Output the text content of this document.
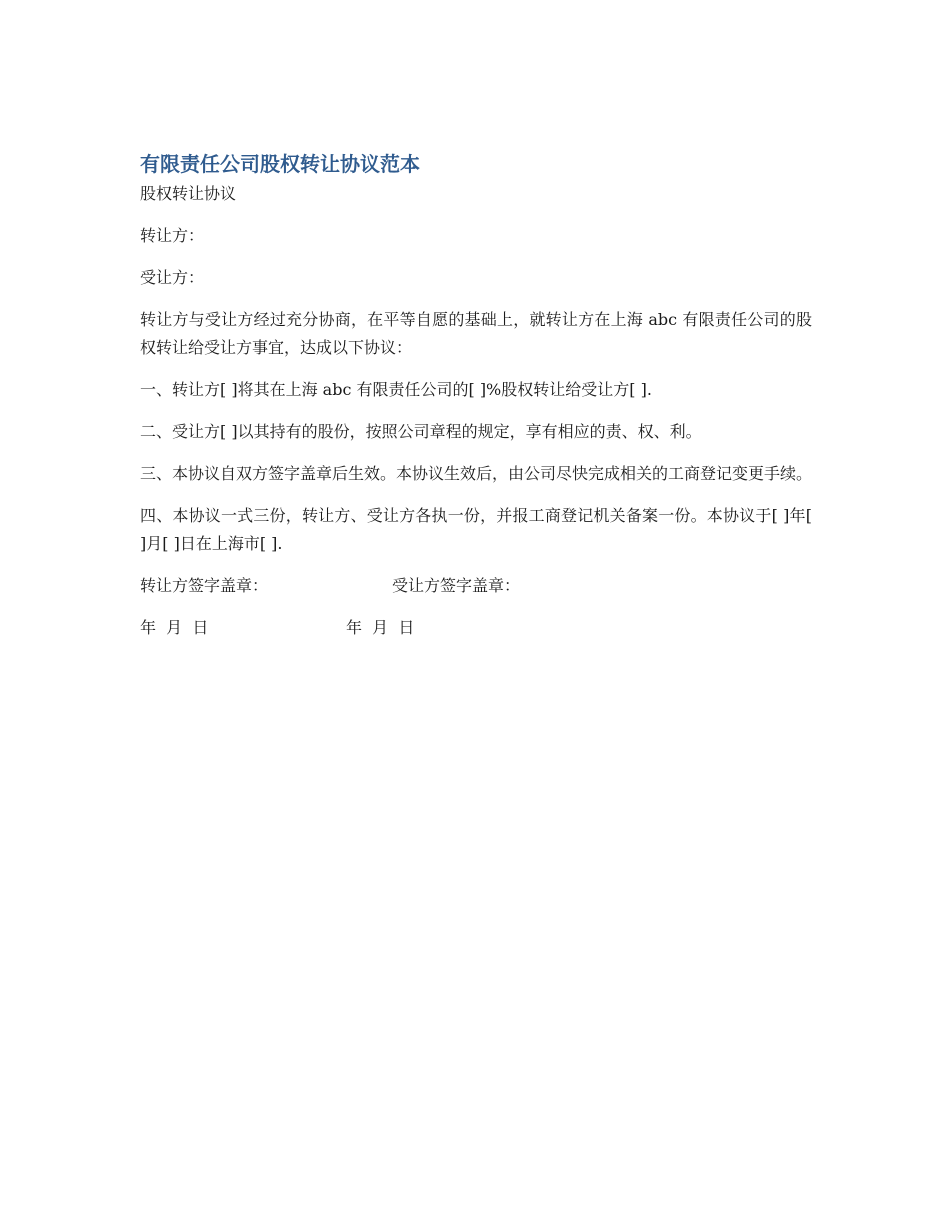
有限责任公司股权转让协议范本

股权转让协议

转让方：

受让方：

转让方与受让方经过充分协商，在平等自愿的基础上，就转让方在上海 abc 有限责任公司的股权转让给受让方事宜，达成以下协议：

一、转让方[ ]将其在上海 abc 有限责任公司的[ ]%股权转让给受让方[ ].

二、受让方[ ]以其持有的股份，按照公司章程的规定，享有相应的责、权、利。

三、本协议自双方签字盖章后生效。本协议生效后，由公司尽快完成相关的工商登记变更手续。

四、本协议一式三份，转让方、受让方各执一份，并报工商登记机关备案一份。本协议于[ ]年[ ]月[ ]日在上海市[ ].

转让方签字盖章：	受让方签字盖章：
年  月  日	年  月  日
